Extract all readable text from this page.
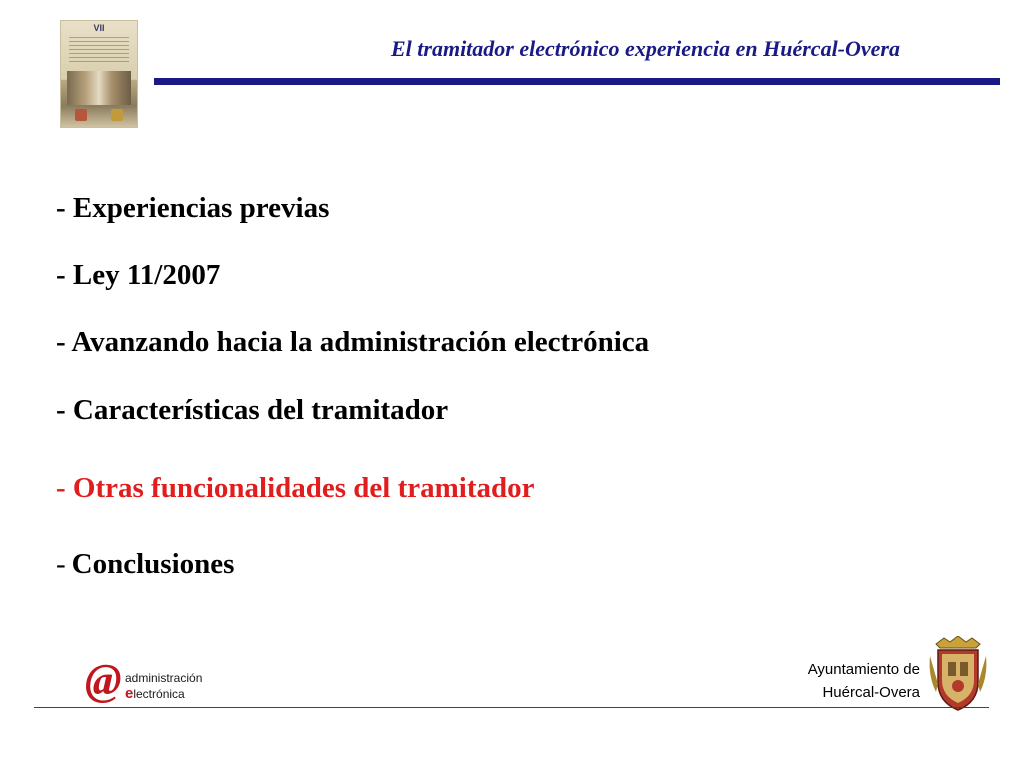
VII
El tramitador electrónico experiencia en Huércal-Overa
- Experiencias previas
- Ley 11/2007
- Avanzando hacia la administración electrónica
- Características del tramitador
- Otras funcionalidades del tramitador
- Conclusiones
@ administración
electrónica
Ayuntamiento de
Huércal-Overa
